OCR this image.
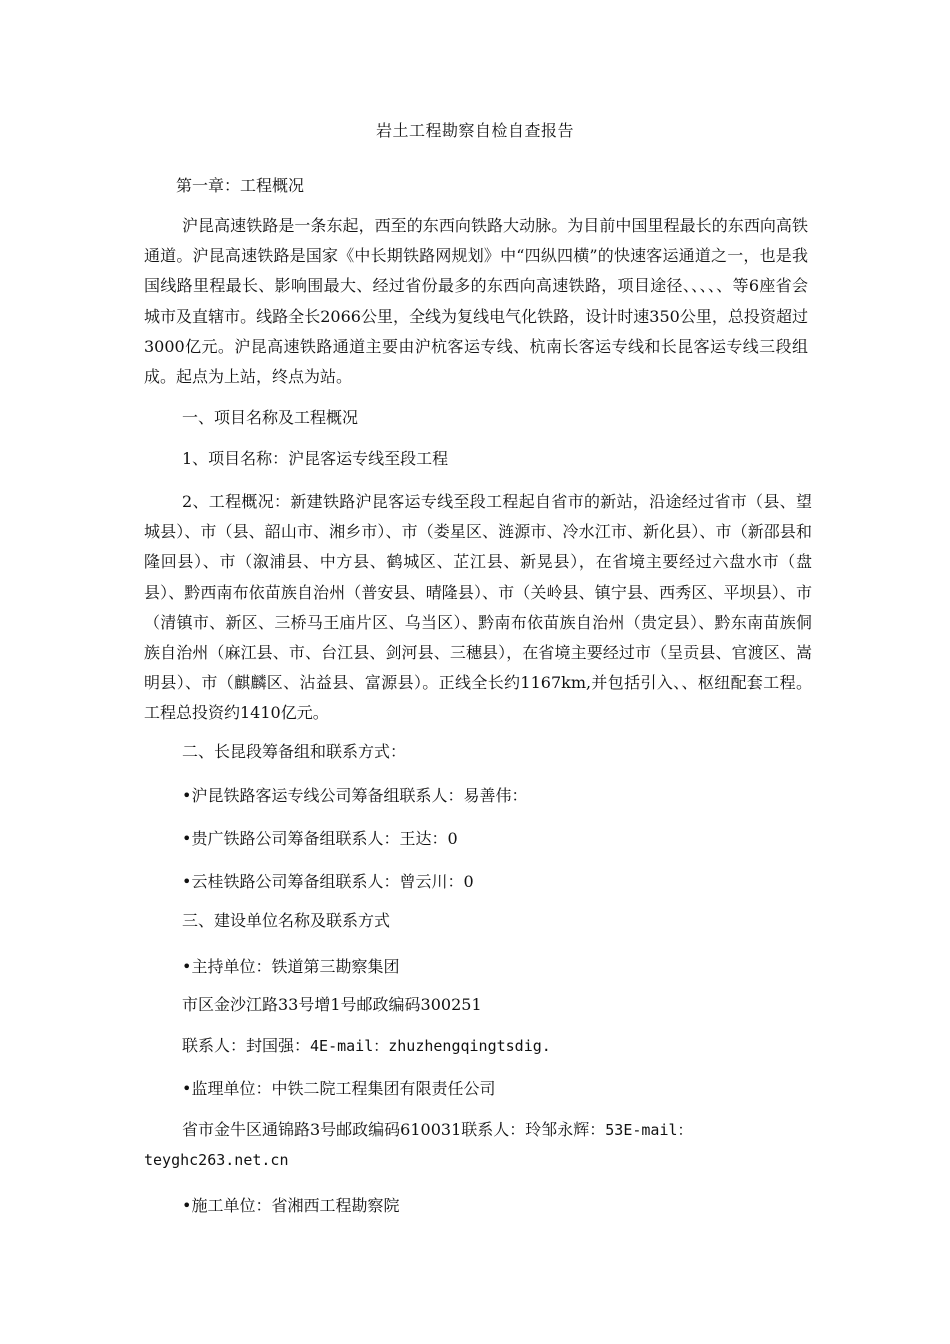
岩土工程勘察自检自查报告

第一章：工程概况

沪昆高速铁路是一条东起，西至的东西向铁路大动脉。为目前中国里程最长的东西向高铁通道。沪昆高速铁路是国家《中长期铁路网规划》中“四纵四横”的快速客运通道之一，也是我国线路里程最长、影响围最大、经过省份最多的东西向高速铁路，项目途径、、、、、等6座省会城市及直辖市。线路全长2066公里，全线为复线电气化铁路，设计时速350公里，总投资超过3000亿元。沪昆高速铁路通道主要由沪杭客运专线、杭南长客运专线和长昆客运专线三段组成。起点为上站，终点为站。

一、项目名称及工程概况

1、项目名称：沪昆客运专线至段工程

2、工程概况：新建铁路沪昆客运专线至段工程起自省市的新站，沿途经过省市（县、望城县）、市（县、韶山市、湘乡市）、市（娄星区、涟源市、冷水江市、新化县）、市（新邵县和隆回县）、市（溆浦县、中方县、鹤城区、芷江县、新晃县），在省境主要经过六盘水市（盘县）、黔西南布依苗族自治州（普安县、晴隆县）、市（关岭县、镇宁县、西秀区、平坝县）、市（清镇市、新区、三桥马王庙片区、乌当区）、黔南布依苗族自治州（贵定县）、黔东南苗族侗族自治州（麻江县、市、台江县、剑河县、三穗县），在省境主要经过市（呈贡县、官渡区、嵩明县）、市（麒麟区、沾益县、富源县）。正线全长约1167km,并包括引入、、枢纽配套工程。工程总投资约1410亿元。

二、长昆段筹备组和联系方式：

•沪昆铁路客运专线公司筹备组联系人：易善伟：

•贵广铁路公司筹备组联系人：王达：0

•云桂铁路公司筹备组联系人：曾云川：0

三、建设单位名称及联系方式

•主持单位：铁道第三勘察集团

市区金沙江路33号增1号邮政编码300251

联系人：封国强：4E-mail：zhuzhengqingtsdig.

•监理单位：中铁二院工程集团有限责任公司

省市金牛区通锦路3号邮政编码610031联系人：玲邹永辉：53E-mail：
teyghc263.net.cn

•施工单位：省湘西工程勘察院
